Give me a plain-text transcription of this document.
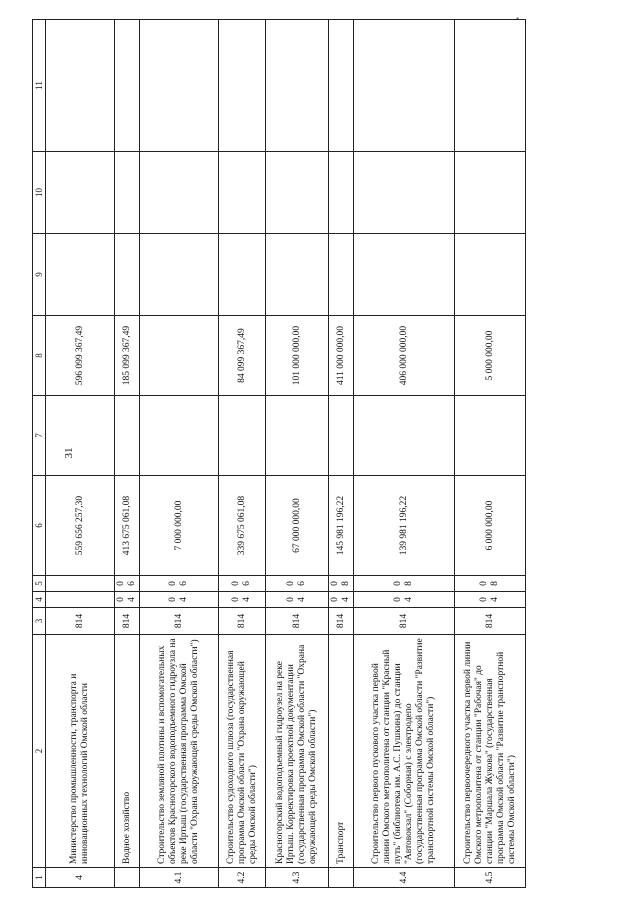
31
▪
1	2	3	4	5	6	7	8	9	10	11
4	Министерство промышленности, транспорта и инновационных технологий Омской области	814			559 656 257,30		596 099 367,49			
	Водное хозяйство	814	04	06	413 675 061,08		185 099 367,49			
4.1	Строительство земляной плотины и вспомогательных объектов Красногорского водоподъемного гидроузла на реке Иртыш (государственная программа Омской области "Охрана окружающей среды Омской области")	814	04	06	7 000 000,00					
4.2	Строительство судоходного шлюза (государственная программа Омской области "Охрана окружающей среды Омской области")	814	04	06	339 675 061,08		84 099 367,49			
4.3	Красногорский водоподъемный гидроузел на реке Иртыш. Корректировка проектной документации (государственная программа Омской области "Охрана окружающей среды Омской области")	814	04	06	67 000 000,00		101 000 000,00			
	Транспорт	814	04	08	145 981 196,22		411 000 000,00			
4.4	Строительство первого пускового участка первой линии Омского метрополитена от станции "Красный путь" (библиотека им. А.С. Пушкина) до станции "Автовокзал" (Соборная) с электродепо (государственная программа Омской области "Развитие транспортной системы Омской области")	814	04	08	139 981 196,22		406 000 000,00			
4.5	Строительство первоочередного участка первой линии Омского метрополитена от станции "Рабочая" до станции "Маршала Жукова" (государственная программа Омской области "Развитие транспортной системы Омской области")	814	04	08	6 000 000,00		5 000 000,00			
